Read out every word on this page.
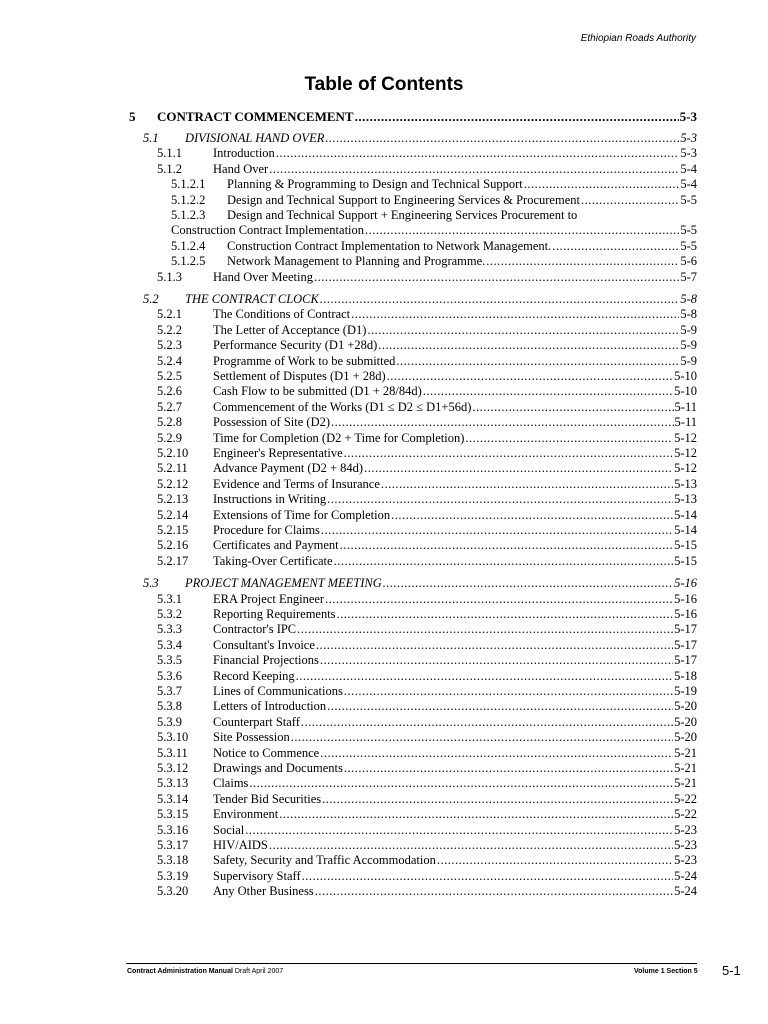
Ethiopian Roads Authority
Table of Contents
5	CONTRACT COMMENCEMENT .....	5-3
5.1	DIVISIONAL HAND OVER .....	5-3
5.1.1	Introduction .....	5-3
5.1.2	Hand Over .....	5-4
5.1.2.1	Planning & Programming to Design and Technical Support .....	5-4
5.1.2.2	Design and Technical Support to Engineering Services & Procurement .....	5-5
5.1.2.3 Design and Technical Support + Engineering Services Procurement to
Construction Contract Implementation .....	5-5
5.1.2.4	Construction Contract Implementation to Network Management. .....	5-5
5.1.2.5	Network Management to Planning and Programme. .....	5-6
5.1.3	Hand Over Meeting .....	5-7
5.2	THE CONTRACT CLOCK .....	5-8
5.2.1	The Conditions of Contract .....	5-8
5.2.2	The Letter of Acceptance (D1) .....	5-9
5.2.3	Performance Security (D1 +28d) .....	5-9
5.2.4	Programme of Work to be submitted .....	5-9
5.2.5	Settlement of Disputes (D1 + 28d) .....	5-10
5.2.6	Cash Flow to be submitted (D1 + 28/84d) .....	5-10
5.2.7	Commencement of the Works (D1 ≤ D2 ≤ D1+56d) .....	5-11
5.2.8	Possession of Site (D2) .....	5-11
5.2.9	Time for Completion (D2 + Time for Completion) .....	5-12
5.2.10	Engineer's Representative .....	5-12
5.2.11	Advance Payment (D2 + 84d) .....	5-12
5.2.12	Evidence and Terms of Insurance .....	5-13
5.2.13	Instructions in Writing .....	5-13
5.2.14	Extensions of Time for Completion .....	5-14
5.2.15	Procedure for Claims .....	5-14
5.2.16	Certificates and Payment .....	5-15
5.2.17	Taking-Over Certificate .....	5-15
5.3	PROJECT MANAGEMENT MEETING .....	5-16
5.3.1	ERA Project Engineer .....	5-16
5.3.2	Reporting Requirements .....	5-16
5.3.3	Contractor's IPC .....	5-17
5.3.4	Consultant's Invoice .....	5-17
5.3.5	Financial Projections .....	5-17
5.3.6	Record Keeping .....	5-18
5.3.7	Lines of Communications .....	5-19
5.3.8	Letters of Introduction .....	5-20
5.3.9	Counterpart Staff .....	5-20
5.3.10	Site Possession .....	5-20
5.3.11	Notice to Commence .....	5-21
5.3.12	Drawings and Documents .....	5-21
5.3.13	Claims .....	5-21
5.3.14	Tender Bid Securities .....	5-22
5.3.15	Environment .....	5-22
5.3.16	Social .....	5-23
5.3.17	HIV/AIDS .....	5-23
5.3.18	Safety, Security and Traffic Accommodation .....	5-23
5.3.19	Supervisory Staff .....	5-24
5.3.20	Any Other Business .....	5-24
Contract Administration Manual Draft April 2007	Volume 1 Section 5 5-1
